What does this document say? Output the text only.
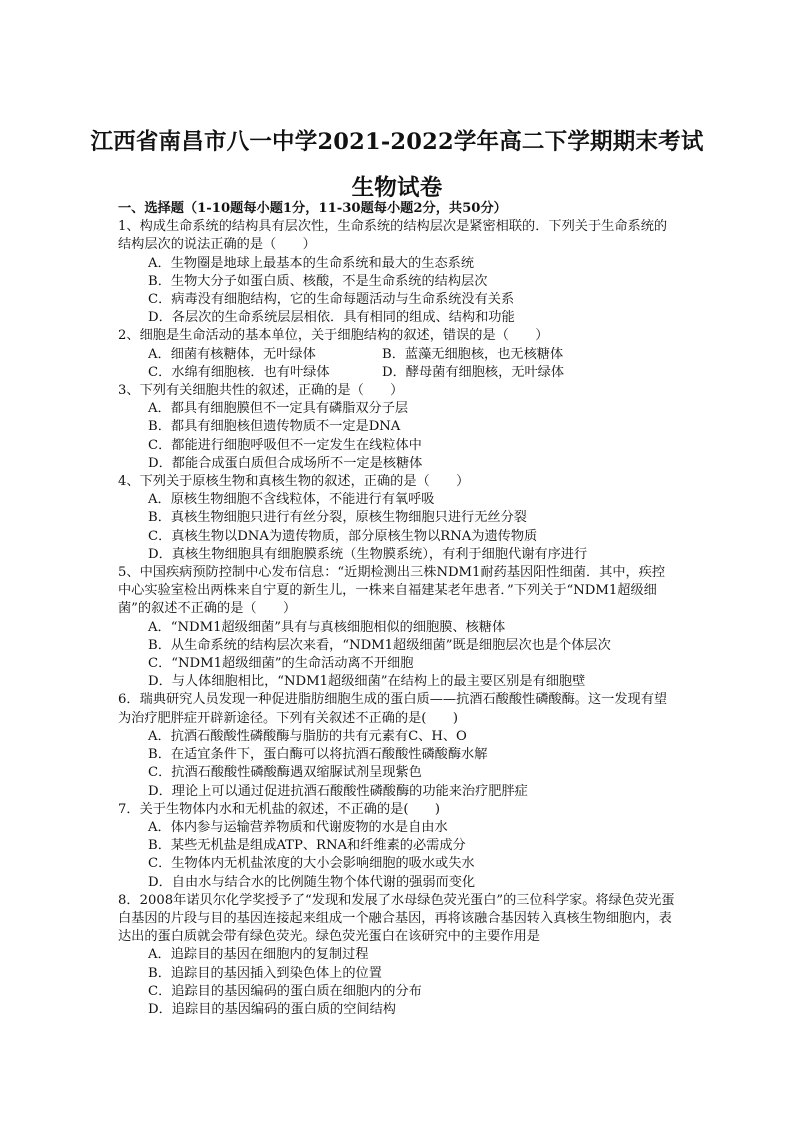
江西省南昌市八一中学2021-2022学年高二下学期期末考试
生物试卷
一、选择题（1-10题每小题1分，11-30题每小题2分，共50分）
1、构成生命系统的结构具有层次性，生命系统的结构层次是紧密相联的．下列关于生命系统的结构层次的说法正确的是（　　）
A．生物圈是地球上最基本的生命系统和最大的生态系统
B．生物大分子如蛋白质、核酸，不是生命系统的结构层次
C．病毒没有细胞结构，它的生命每题活动与生命系统没有关系
D．各层次的生命系统层层相依．具有相同的组成、结构和功能
2、细胞是生命活动的基本单位，关于细胞结构的叙述，错误的是（　　）
A．细菌有核糖体，无叶绿体	B．蓝藻无细胞核，也无核糖体
C．水绵有细胞核．也有叶绿体	D．酵母菌有细胞核，无叶绿体
3、下列有关细胞共性的叙述，正确的是（　　）
A．都具有细胞膜但不一定具有磷脂双分子层
B．都具有细胞核但遗传物质不一定是DNA
C．都能进行细胞呼吸但不一定发生在线粒体中
D．都能合成蛋白质但合成场所不一定是核糖体
4、下列关于原核生物和真核生物的叙述，正确的是（　　）
A．原核生物细胞不含线粒体，不能进行有氧呼吸
B．真核生物细胞只进行有丝分裂，原核生物细胞只进行无丝分裂
C．真核生物以DNA为遗传物质，部分原核生物以RNA为遗传物质
D．真核生物细胞具有细胞膜系统（生物膜系统），有利于细胞代谢有序进行
5、中国疾病预防控制中心发布信息：“近期检测出三株NDM1耐药基因阳性细菌．其中，疾控中心实验室检出两株来自宁夏的新生儿，一株来自福建某老年患者．”下列关于“NDM1超级细菌”的叙述不正确的是（　　）
A．“NDM1超级细菌”具有与真核细胞相似的细胞膜、核糖体
B．从生命系统的结构层次来看，“NDM1超级细菌”既是细胞层次也是个体层次
C．“NDM1超级细菌”的生命活动离不开细胞
D．与人体细胞相比，“NDM1超级细菌”在结构上的最主要区别是有细胞壁
6．瑞典研究人员发现一种促进脂肪细胞生成的蛋白质——抗酒石酸酸性磷酸酶。这一发现有望为治疗肥胖症开辟新途径。下列有关叙述不正确的是(　　)
A．抗酒石酸酸性磷酸酶与脂肪的共有元素有C、H、O
B．在适宜条件下，蛋白酶可以将抗酒石酸酸性磷酸酶水解
C．抗酒石酸酸性磷酸酶遇双缩脲试剂呈现紫色
D．理论上可以通过促进抗酒石酸酸性磷酸酶的功能来治疗肥胖症
7．关于生物体内水和无机盐的叙述，不正确的是(　　)
A．体内参与运输营养物质和代谢废物的水是自由水
B．某些无机盐是组成ATP、RNA和纤维素的必需成分
C．生物体内无机盐浓度的大小会影响细胞的吸水或失水
D．自由水与结合水的比例随生物个体代谢的强弱而变化
8．2008年诺贝尔化学奖授予了“发现和发展了水母绿色荧光蛋白”的三位科学家。将绿色荧光蛋白基因的片段与目的基因连接起来组成一个融合基因，再将该融合基因转入真核生物细胞内，表达出的蛋白质就会带有绿色荧光。绿色荧光蛋白在该研究中的主要作用是
A．追踪目的基因在细胞内的复制过程
B．追踪目的基因插入到染色体上的位置
C．追踪目的基因编码的蛋白质在细胞内的分布
D．追踪目的基因编码的蛋白质的空间结构
